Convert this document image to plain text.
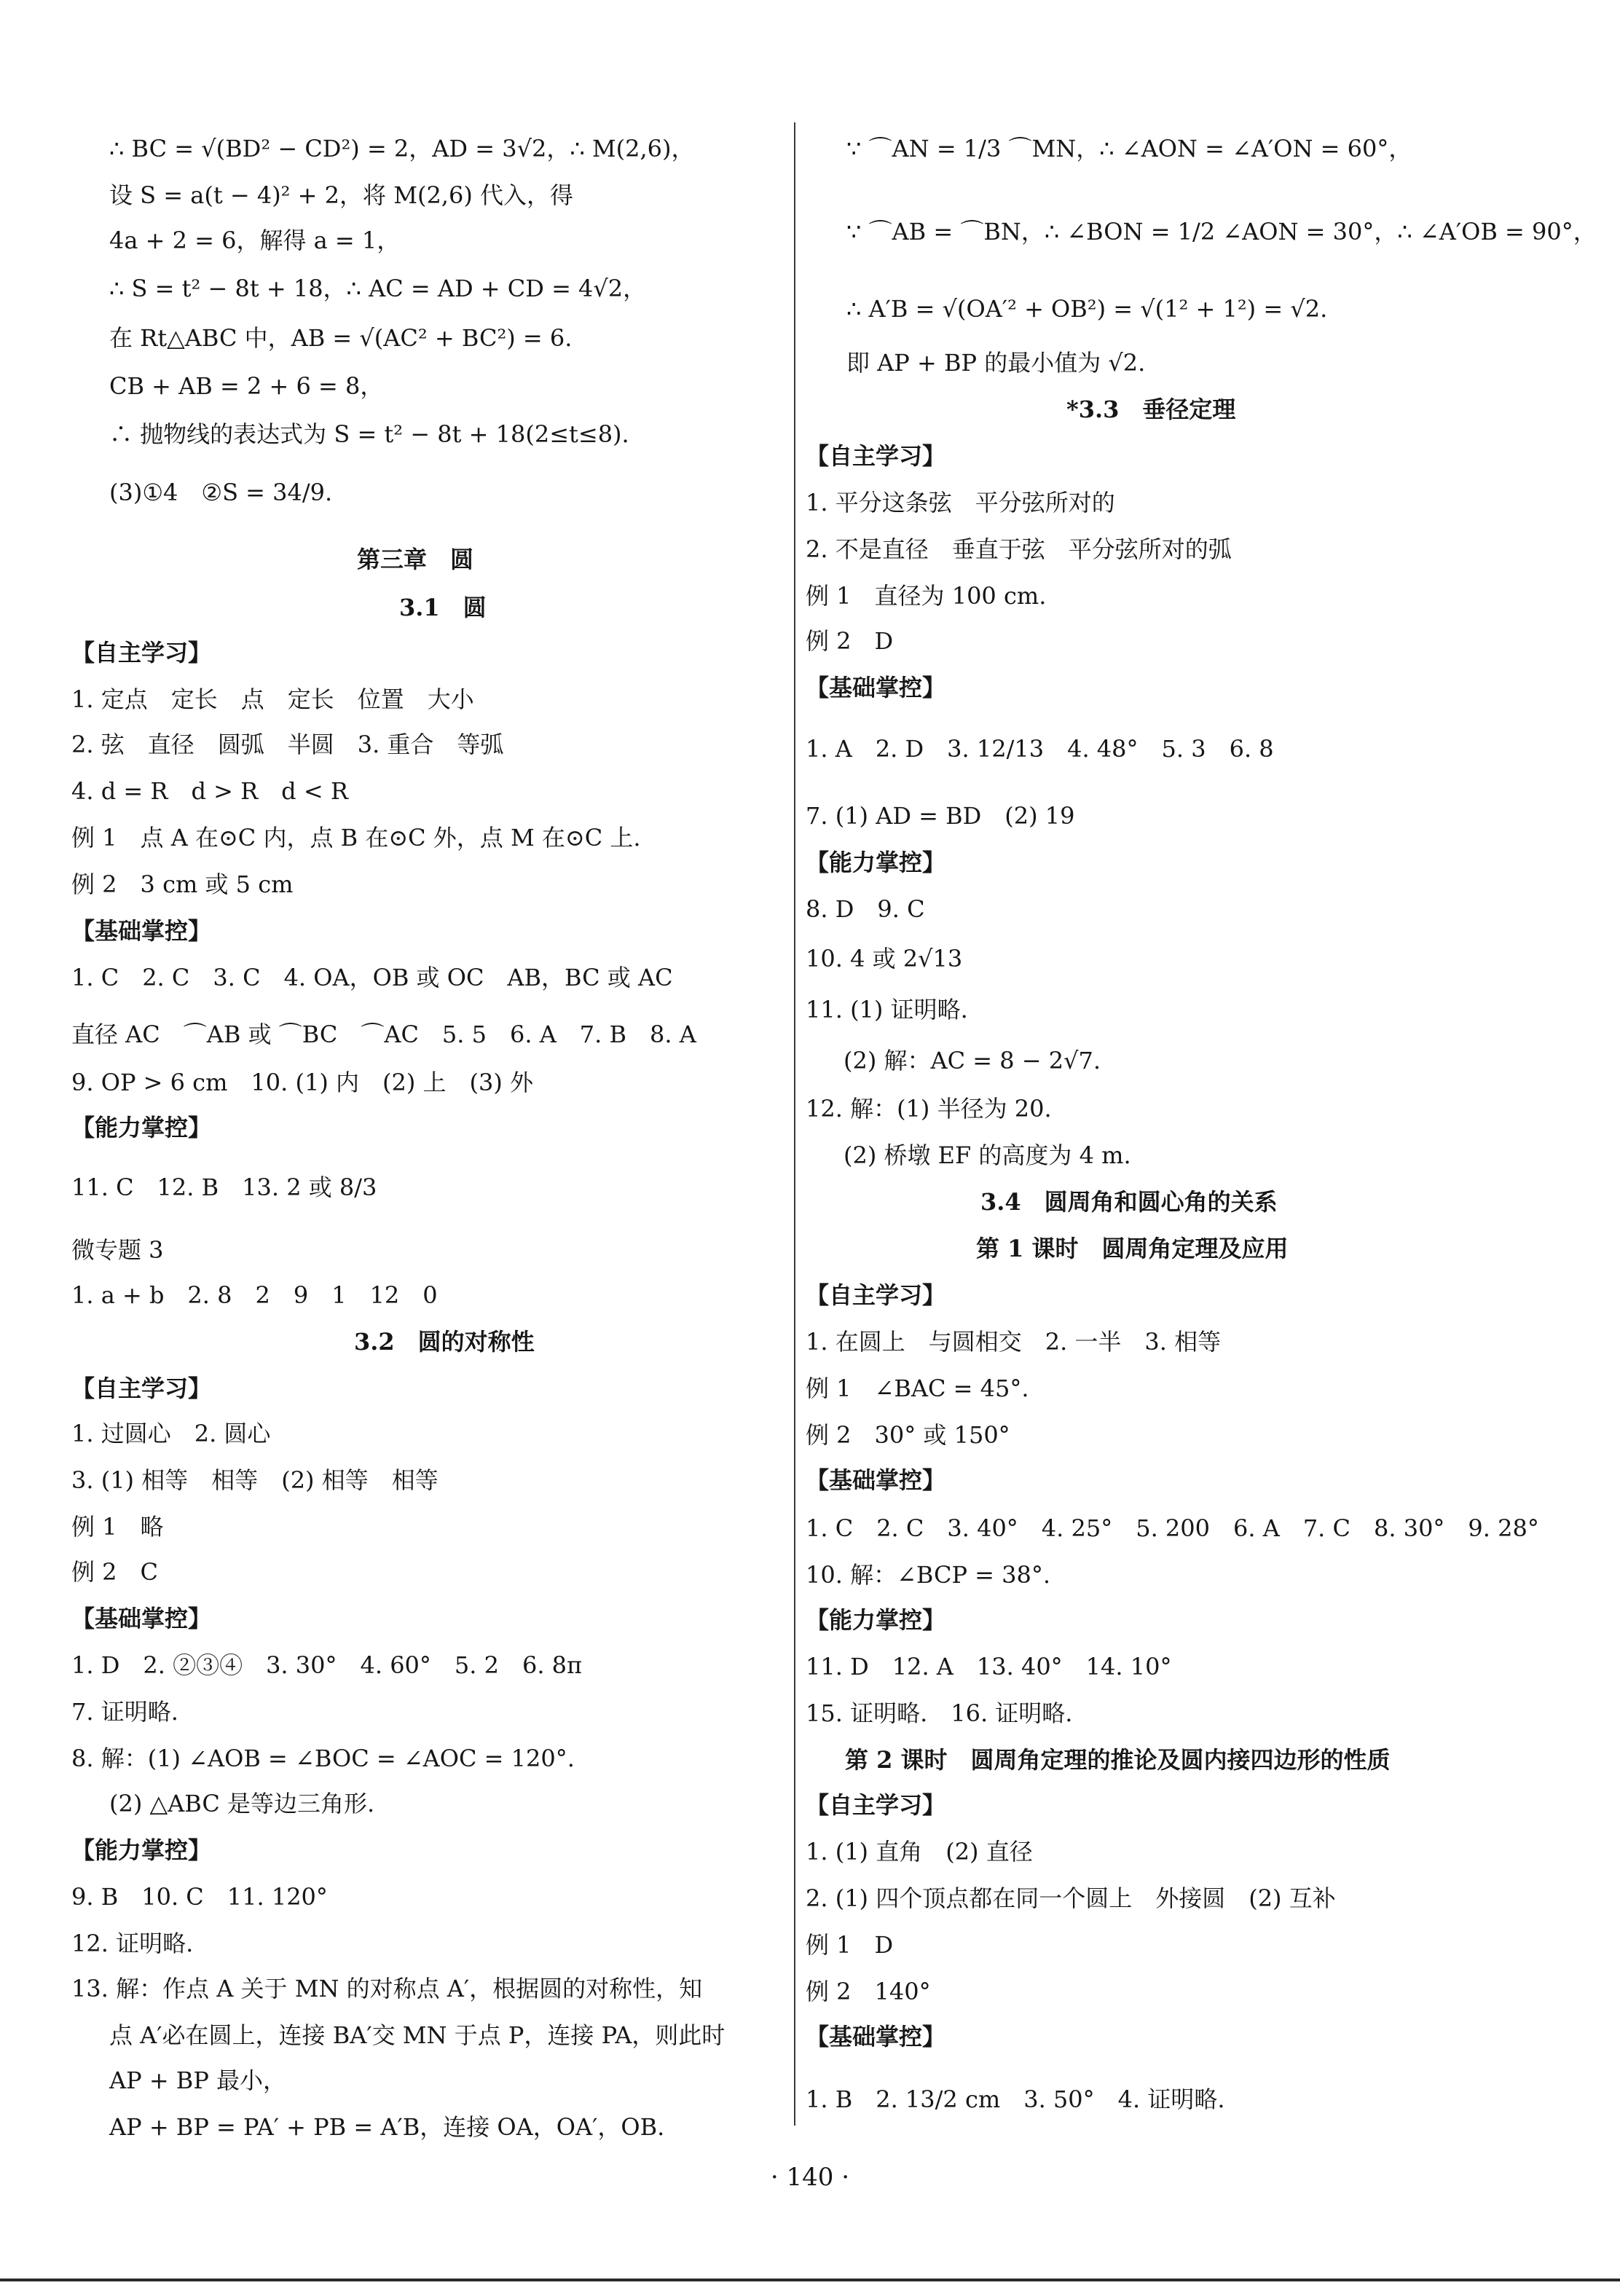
∴ BC = √(BD² − CD²) = 2，AD = 3√2，∴ M(2,6)，
设 S = a(t − 4)² + 2，将 M(2,6) 代入，得
4a + 2 = 6，解得 a = 1，
∴ S = t² − 8t + 18，∴ AC = AD + CD = 4√2，
在 Rt△ABC 中，AB = √(AC² + BC²) = 6.
CB + AB = 2 + 6 = 8，
∴ 抛物线的表达式为 S = t² − 8t + 18(2≤t≤8).
(3)①4　②S = 34/9.
第三章　圆
3.1　圆
【自主学习】
1. 定点　定长　点　定长　位置　大小
2. 弦　直径　圆弧　半圆　3. 重合　等弧
4. d = R　d > R　d < R
例 1　点 A 在⊙C 内，点 B 在⊙C 外，点 M 在⊙C 上.
例 2　3 cm 或 5 cm
【基础掌控】
1. C　2. C　3. C　4. OA，OB 或 OC　AB，BC 或 AC
直径 AC　⌒AB 或 ⌒BC　⌒AC　5. 5　6. A　7. B　8. A
9. OP > 6 cm　10. (1) 内　(2) 上　(3) 外
【能力掌控】
11. C　12. B　13. 2 或 8/3
微专题 3
1. a + b　2. 8　2　9　1　12　0
3.2　圆的对称性
【自主学习】
1. 过圆心　2. 圆心
3. (1) 相等　相等　(2) 相等　相等
例 1　略
例 2　C
【基础掌控】
1. D　2. ②③④　3. 30°　4. 60°　5. 2　6. 8π
7. 证明略.
8. 解：(1) ∠AOB = ∠BOC = ∠AOC = 120°.
(2) △ABC 是等边三角形.
【能力掌控】
9. B　10. C　11. 120°
12. 证明略.
13. 解：作点 A 关于 MN 的对称点 A′，根据圆的对称性，知
点 A′必在圆上，连接 BA′交 MN 于点 P，连接 PA，则此时
AP + BP 最小，
AP + BP = PA′ + PB = A′B，连接 OA，OA′，OB.
∵ ⌒AN = 1/3 ⌒MN，∴ ∠AON = ∠A′ON = 60°，
∵ ⌒AB = ⌒BN，∴ ∠BON = 1/2 ∠AON = 30°，∴ ∠A′OB = 90°，
∴ A′B = √(OA′² + OB²) = √(1² + 1²) = √2.
即 AP + BP 的最小值为 √2.
*3.3　垂径定理
【自主学习】
1. 平分这条弦　平分弦所对的
2. 不是直径　垂直于弦　平分弦所对的弧
例 1　直径为 100 cm.
例 2　D
【基础掌控】
1. A　2. D　3. 12/13　4. 48°　5. 3　6. 8
7. (1) AD = BD　(2) 19
【能力掌控】
8. D　9. C
10. 4 或 2√13
11. (1) 证明略.
(2) 解：AC = 8 − 2√7.
12. 解：(1) 半径为 20.
(2) 桥墩 EF 的高度为 4 m.
3.4　圆周角和圆心角的关系
第 1 课时　圆周角定理及应用
【自主学习】
1. 在圆上　与圆相交　2. 一半　3. 相等
例 1　∠BAC = 45°.
例 2　30° 或 150°
【基础掌控】
1. C　2. C　3. 40°　4. 25°　5. 200　6. A　7. C　8. 30°　9. 28°
10. 解：∠BCP = 38°.
【能力掌控】
11. D　12. A　13. 40°　14. 10°
15. 证明略.　16. 证明略.
第 2 课时　圆周角定理的推论及圆内接四边形的性质
【自主学习】
1. (1) 直角　(2) 直径
2. (1) 四个顶点都在同一个圆上　外接圆　(2) 互补
例 1　D
例 2　140°
【基础掌控】
1. B　2. 13/2 cm　3. 50°　4. 证明略.
· 140 ·
